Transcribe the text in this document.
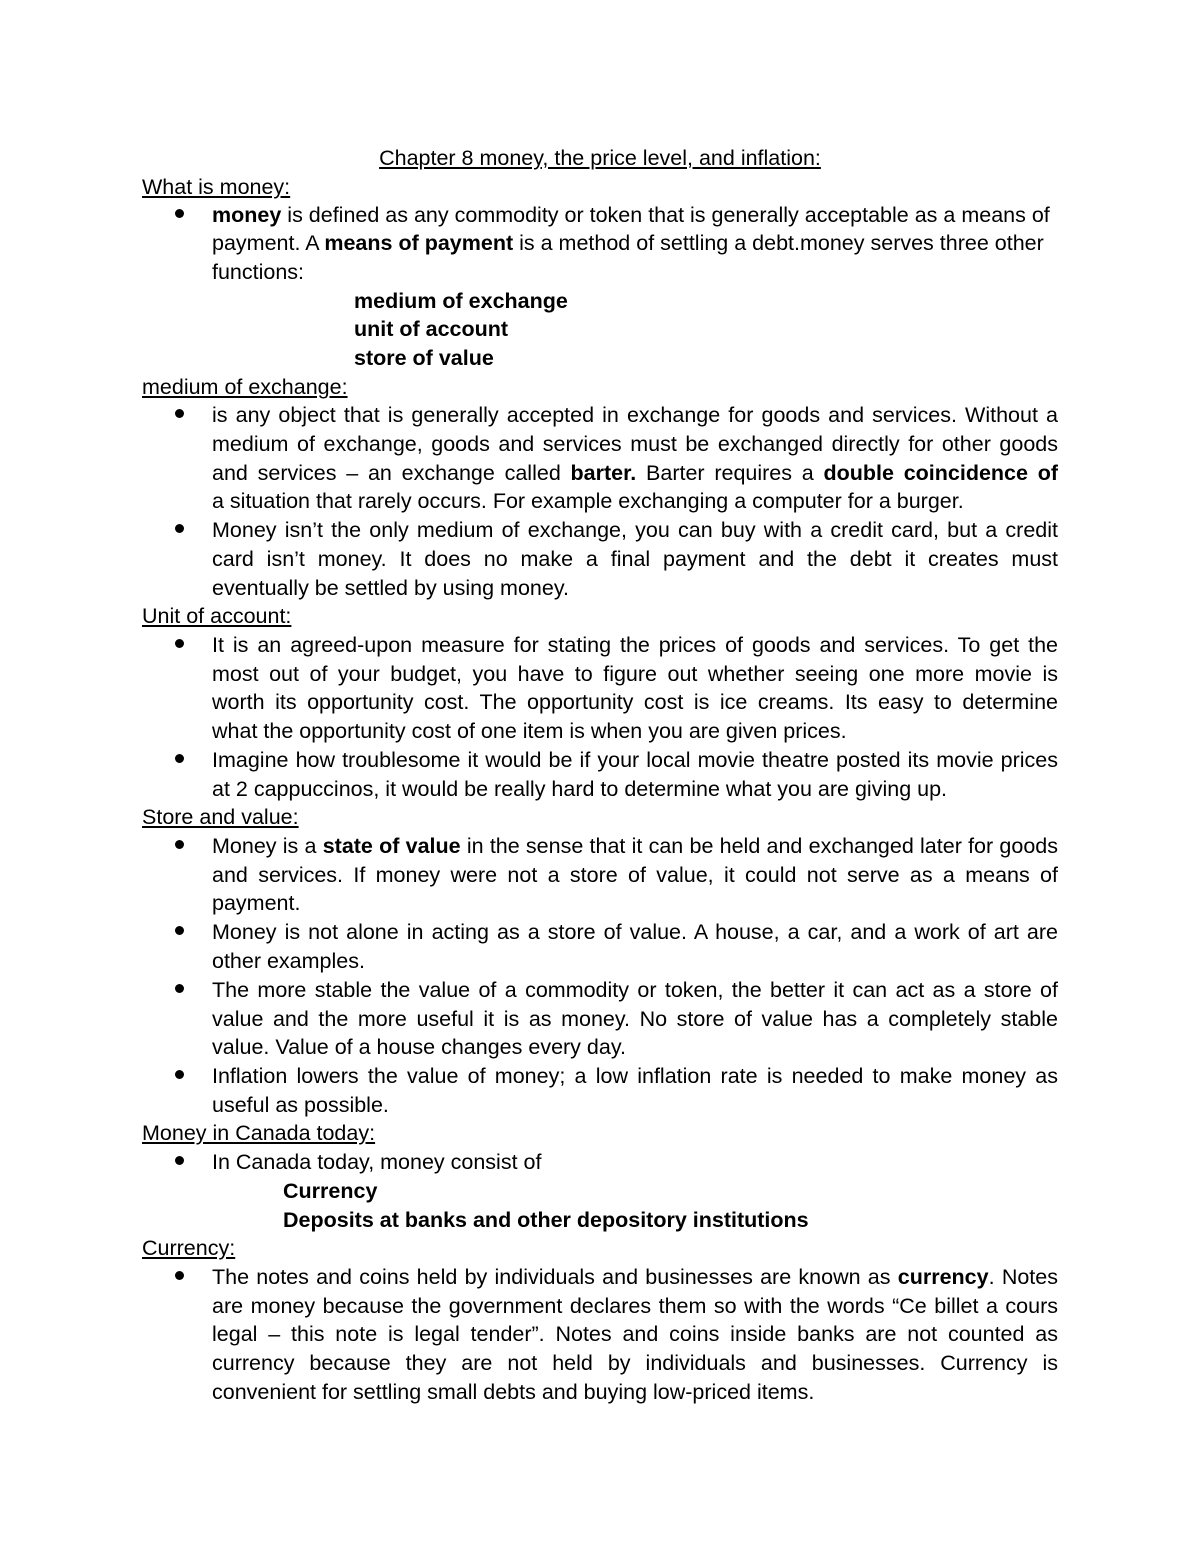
Chapter 8 money, the price level, and inflation:
What is money:
money is defined as any commodity or token that is generally acceptable as a means of
payment. A means of payment is a method of settling a debt.money serves three other
functions:
medium of exchange
unit of account
store of value
medium of exchange:
is any object that is generally accepted in exchange for goods and services. Without a
medium of exchange, goods and services must be exchanged directly for other goods
and services – an exchange called barter. Barter requires a double coincidence of
a situation that rarely occurs. For example exchanging a computer for a burger.
Money isn’t the only medium of exchange, you can buy with a credit card, but a credit
card isn’t money. It does no make a final payment and the debt it creates must
eventually be settled by using money.
Unit of account:
It is an agreed-upon measure for stating the prices of goods and services. To get the
most out of your budget, you have to figure out whether seeing one more movie is
worth its opportunity cost. The opportunity cost is ice creams. Its easy to determine
what the opportunity cost of one item is when you are given prices.
Imagine how troublesome it would be if your local movie theatre posted its movie prices
at 2 cappuccinos, it would be really hard to determine what you are giving up.
Store and value:
Money is a state of value in the sense that it can be held and exchanged later for goods
and services. If money were not a store of value, it could not serve as a means of
payment.
Money is not alone in acting as a store of value. A house, a car, and a work of art are
other examples.
The more stable the value of a commodity or token, the better it can act as a store of
value and the more useful it is as money. No store of value has a completely stable
value. Value of a house changes every day.
Inflation lowers the value of money; a low inflation rate is needed to make money as
useful as possible.
Money in Canada today:
In Canada today, money consist of
Currency
Deposits at banks and other depository institutions
Currency:
The notes and coins held by individuals and businesses are known as currency. Notes
are money because the government declares them so with the words “Ce billet a cours
legal – this note is legal tender”. Notes and coins inside banks are not counted as
currency because they are not held by individuals and businesses. Currency is
convenient for settling small debts and buying low-priced items.
